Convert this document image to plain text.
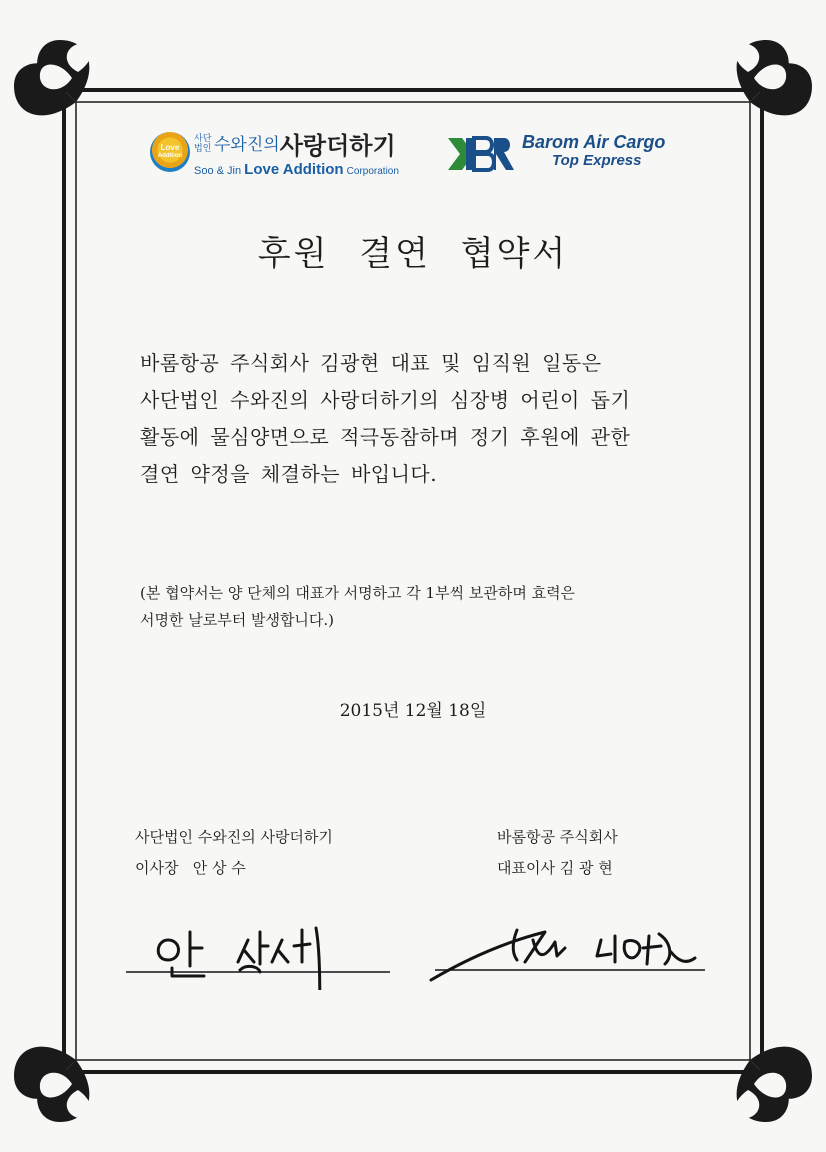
Love
Addition
사단
법인 수와진의사랑더하기
Soo & Jin Love Addition Corporation
Barom Air Cargo
Top Express
후원 결연 협약서
바롬항공 주식회사 김광현 대표 및 임직원 일동은
사단법인 수와진의 사랑더하기의 심장병 어린이 돕기
활동에 물심양면으로 적극동참하며 정기 후원에 관한
결연 약정을 체결하는 바입니다.
(본 협약서는 양 단체의 대표가 서명하고 각 1부씩 보관하며 효력은
서명한 날로부터 발생합니다.)
2015년 12월 18일
사단법인 수와진의 사랑더하기
이사장   안 상 수
바롬항공 주식회사
대표이사 김 광 현
